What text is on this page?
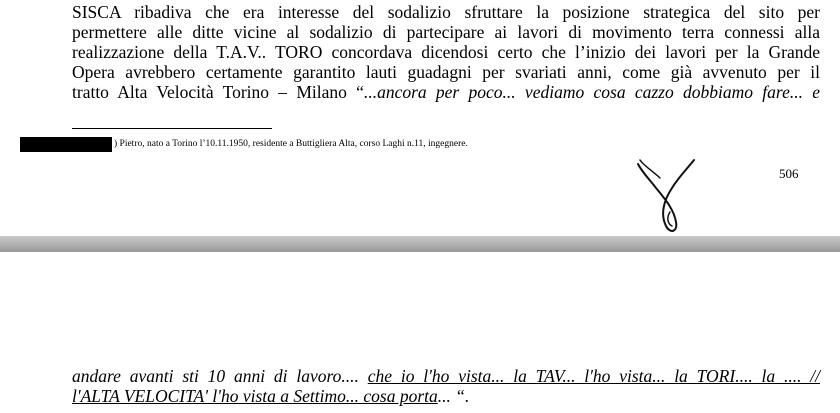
SISCA ribadiva che era interesse del sodalizio sfruttare la posizione strategica del sito per
permettere alle ditte vicine al sodalizio di partecipare ai lavori di movimento terra connessi alla
realizzazione della T.A.V.. TORO concordava dicendosi certo che l’inizio dei lavori per la Grande
Opera avrebbero certamente garantito lauti guadagni per svariati anni, come già avvenuto per il
tratto Alta Velocità Torino – Milano “...ancora per poco... vediamo cosa cazzo dobbiamo fare... e
) Pietro, nato a Torino l’10.11.1950, residente a Buttigliera Alta, corso Laghi n.11, ingegnere.
506
andare avanti sti 10 anni di lavoro.... che io l'ho vista... la TAV... l'ho vista... la TORI.... la .... //
l'ALTA VELOCITA' l'ho vista a Settimo... cosa porta... “.
